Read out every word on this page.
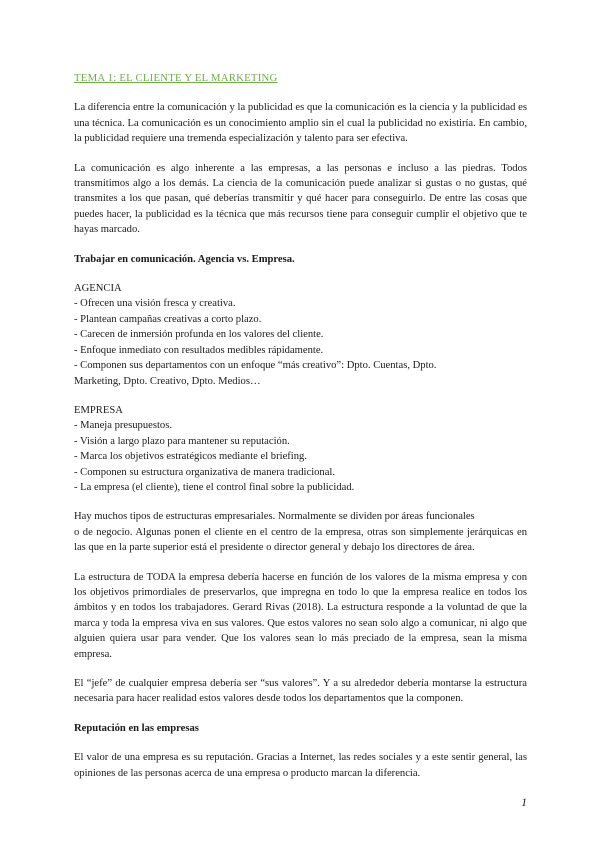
TEMA 1: EL CLIENTE Y EL MARKETING

La diferencia entre la comunicación y la publicidad es que la comunicación es la ciencia y la publicidad es una técnica. La comunicación es un conocimiento amplio sin el cual la publicidad no existiría. En cambio, la publicidad requiere una tremenda especialización y talento para ser efectiva.

La comunicación es algo inherente a las empresas, a las personas e incluso a las piedras. Todos transmitimos algo a los demás. La ciencia de la comunicación puede analizar si gustas o no gustas, qué transmites a los que pasan, qué deberías transmitir y qué hacer para conseguirlo. De entre las cosas que puedes hacer, la publicidad es la técnica que más recursos tiene para conseguir cumplir el objetivo que te hayas marcado.

Trabajar en comunicación. Agencia vs. Empresa.
AGENCIA
- Ofrecen una visión fresca y creativa.
- Plantean campañas creativas a corto plazo.
- Carecen de inmersión profunda en los valores del cliente.
- Enfoque inmediato con resultados medibles rápidamente.
- Componen sus departamentos con un enfoque “más creativo”: Dpto. Cuentas, Dpto.
Marketing, Dpto. Creativo, Dpto. Medios…
EMPRESA
- Maneja presupuestos.
- Visión a largo plazo para mantener su reputación.
- Marca los objetivos estratégicos mediante el briefing.
- Componen su estructura organizativa de manera tradicional.
- La empresa (el cliente), tiene el control final sobre la publicidad.

Hay muchos tipos de estructuras empresariales. Normalmente se dividen por áreas funcionales
o de negocio. Algunas ponen el cliente en el centro de la empresa, otras son simplemente jerárquicas en las que en la parte superior está el presidente o director general y debajo los directores de área.

La estructura de TODA la empresa debería hacerse en función de los valores de la misma empresa y con los objetivos primordiales de preservarlos, que impregna en todo lo que la empresa realice en todos los ámbitos y en todos los trabajadores. Gerard Rivas (2018). La estructura responde a la voluntad de que la marca y toda la empresa viva en sus valores. Que estos valores no sean solo algo a comunicar, ni algo que alguien quiera usar para vender. Que los valores sean lo más preciado de la empresa, sean la misma empresa.

El “jefe” de cualquier empresa debería ser “sus valores”. Y a su alrededor debería montarse la estructura necesaria para hacer realidad estos valores desde todos los departamentos que la componen.

Reputación en las empresas

El valor de una empresa es su reputación. Gracias a Internet, las redes sociales y a este sentir general, las opiniones de las personas acerca de una empresa o producto marcan la diferencia.

1
